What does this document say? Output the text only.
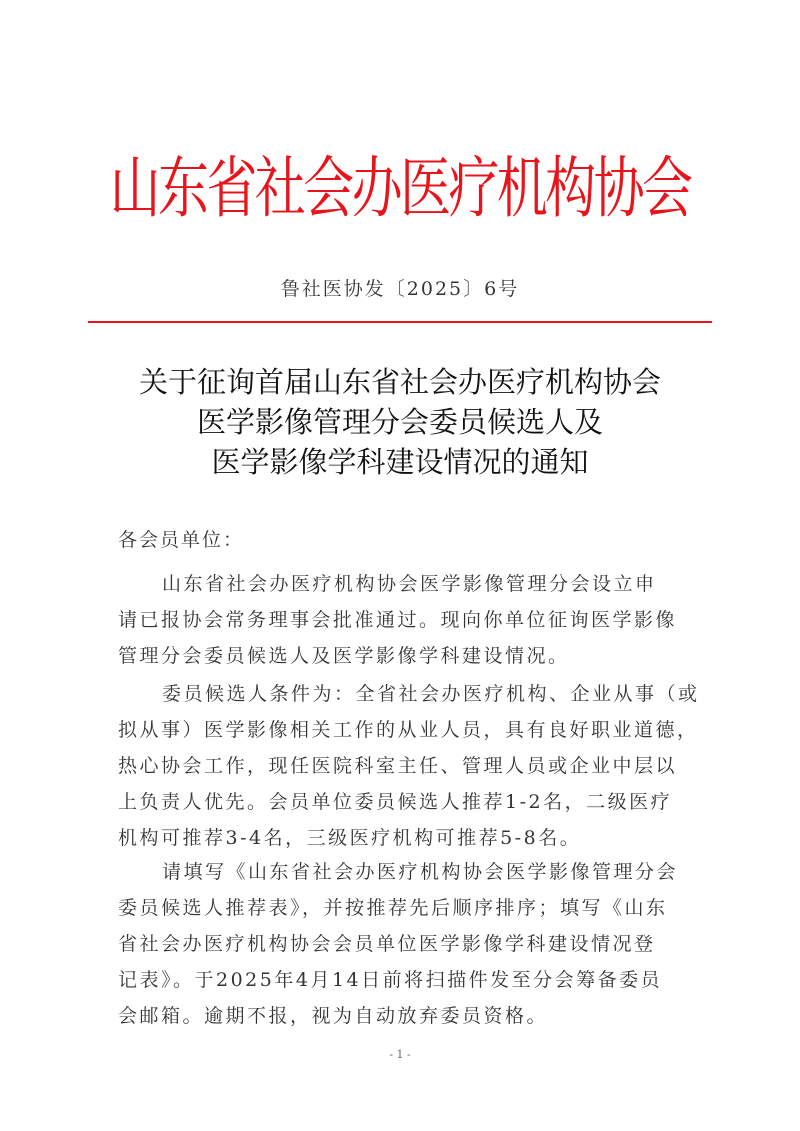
山东省社会办医疗机构协会
鲁社医协发〔2025〕6号
关于征询首届山东省社会办医疗机构协会
医学影像管理分会委员候选人及
医学影像学科建设情况的通知
各会员单位：
山东省社会办医疗机构协会医学影像管理分会设立申
请已报协会常务理事会批准通过。现向你单位征询医学影像
管理分会委员候选人及医学影像学科建设情况。
委员候选人条件为：全省社会办医疗机构、企业从事（或
拟从事）医学影像相关工作的从业人员，具有良好职业道德，
热心协会工作，现任医院科室主任、管理人员或企业中层以
上负责人优先。会员单位委员候选人推荐1-2名，二级医疗
机构可推荐3-4名，三级医疗机构可推荐5-8名。
请填写《山东省社会办医疗机构协会医学影像管理分会
委员候选人推荐表》，并按推荐先后顺序排序；填写《山东
省社会办医疗机构协会会员单位医学影像学科建设情况登
记表》。于2025年4月14日前将扫描件发至分会筹备委员
会邮箱。逾期不报，视为自动放弃委员资格。
- 1 -
